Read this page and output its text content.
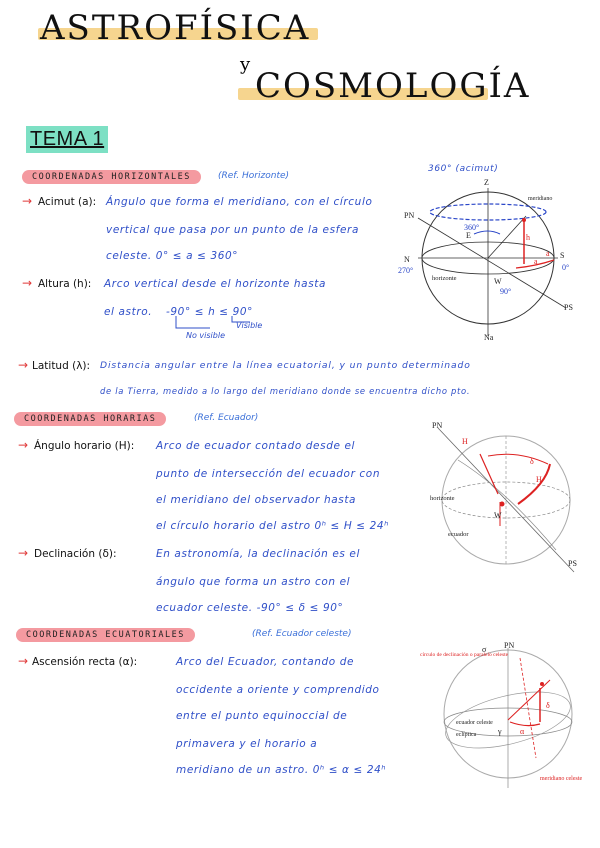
ASTROFÍSICA
y
COSMOLOGÍA
TEMA 1
COORDENADAS HORIZONTALES	(Ref. Horizonte)
→ Acimut (a): Ángulo que forma el meridiano, con el círculo
vertical que pasa por un punto de la esfera
celeste. 0° ≤ a ≤ 360°
→ Altura (h): Arco vertical desde el horizonte hasta
el astro. -90° ≤ h ≤ 90°
Visible
No visible
→ Latitud (λ): Distancia angular entre la línea ecuatorial, y un punto determinado
de la Tierra, medido a lo largo del meridiano donde se encuentra dicho pto.
COORDENADAS HORARIAS	(Ref. Ecuador)
→ Ángulo horario (H): Arco de ecuador contado desde el
punto de intersección del ecuador con
el meridiano del observador hasta
el círculo horario del astro 0ʰ ≤ H ≤ 24ʰ
→ Declinación (δ):	En astronomía, la declinación es el
ángulo que forma un astro con el
ecuador celeste. -90° ≤ δ ≤ 90°
COORDENADAS ECUATORIALES	(Ref. Ecuador celeste)
→ Ascensión recta (α):	Arco del Ecuador, contando de
occidente a oriente y comprendido
entre el punto equinoccial de
primavera y el horario a
meridiano de un astro. 0ʰ ≤ α ≤ 24ʰ
360° (acimut)
Z
meridiano
PN
E
360°
h
N	S
0°
270°
horizonte	W
90°
PS
Na
a
a
PN
H
δ
H
horizonte
W
ecuador
PS
PN
círculo de declinación o paralelo celeste
σ
δ
eclíptica
ecuador celeste
γ α
meridiano celeste
